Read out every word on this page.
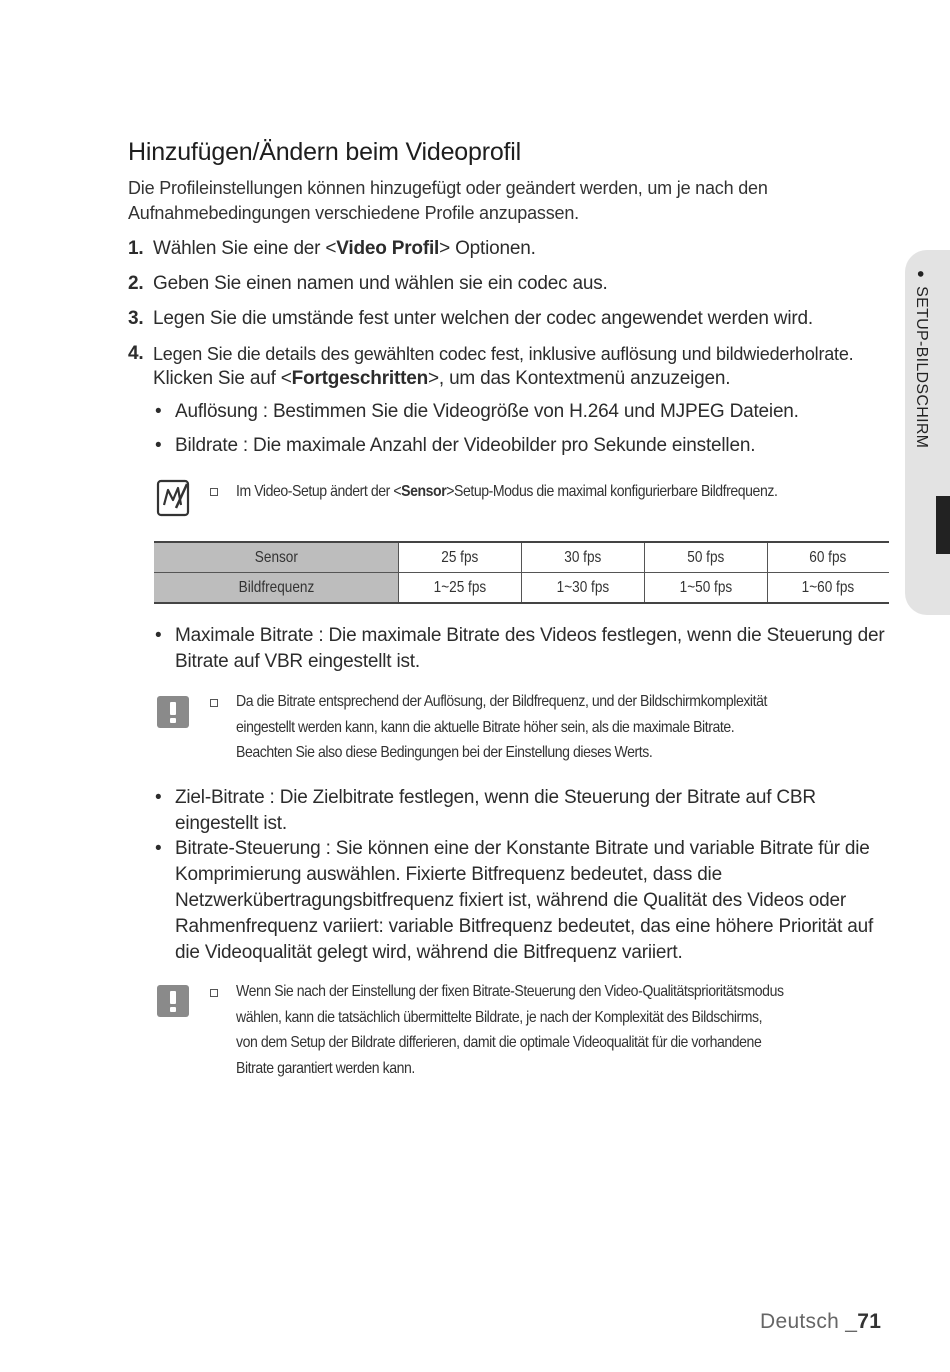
Hinzufügen/Ändern beim Videoprofil
Die Profileinstellungen können hinzugefügt oder geändert werden, um je nach den Aufnahmebedingungen verschiedene Profile anzupassen.
1. Wählen Sie eine der <Video Profil> Optionen.
2. Geben Sie einen namen und wählen sie ein codec aus.
3. Legen Sie die umstände fest unter welchen der codec angewendet werden wird.
4. Legen Sie die details des gewählten codec fest, inklusive auflösung und bildwiederholrate.
Klicken Sie auf <Fortgeschritten>, um das Kontextmenü anzuzeigen.
• Auflösung : Bestimmen Sie die Videogröße von H.264 und MJPEG Dateien.
• Bildrate : Die maximale Anzahl der Videobilder pro Sekunde einstellen.
Im Video-Setup ändert der <Sensor>Setup-Modus die maximal konfigurierbare Bildfrequenz.
Sensor	25 fps	30 fps	50 fps	60 fps
Bildfrequenz	1~25 fps	1~30 fps	1~50 fps	1~60 fps
• Maximale Bitrate : Die maximale Bitrate des Videos festlegen, wenn die Steuerung der Bitrate auf VBR eingestellt ist.
Da die Bitrate entsprechend der Auflösung, der Bildfrequenz, und der Bildschirmkomplexität
eingestellt werden kann, kann die aktuelle Bitrate höher sein, als die maximale Bitrate.
Beachten Sie also diese Bedingungen bei der Einstellung dieses Werts.
• Ziel-Bitrate : Die Zielbitrate festlegen, wenn die Steuerung der Bitrate auf CBR eingestellt ist.
• Bitrate-Steuerung : Sie können eine der Konstante Bitrate und variable Bitrate für die Komprimierung auswählen. Fixierte Bitfrequenz bedeutet, dass die Netzwerkübertragungsbitfrequenz fixiert ist, während die Qualität des Videos oder Rahmenfrequenz variiert: variable Bitfrequenz bedeutet, das eine höhere Priorität auf die Videoqualität gelegt wird, während die Bitfrequenz variiert.
Wenn Sie nach der Einstellung der fixen Bitrate-Steuerung den Video-Qualitätsprioritätsmodus
wählen, kann die tatsächlich übermittelte Bildrate, je nach der Komplexität des Bildschirms,
von dem Setup der Bildrate differieren, damit die optimale Videoqualität für die vorhandene
Bitrate garantiert werden kann.
●SETUP-BILDSCHIRM
Deutsch _71
